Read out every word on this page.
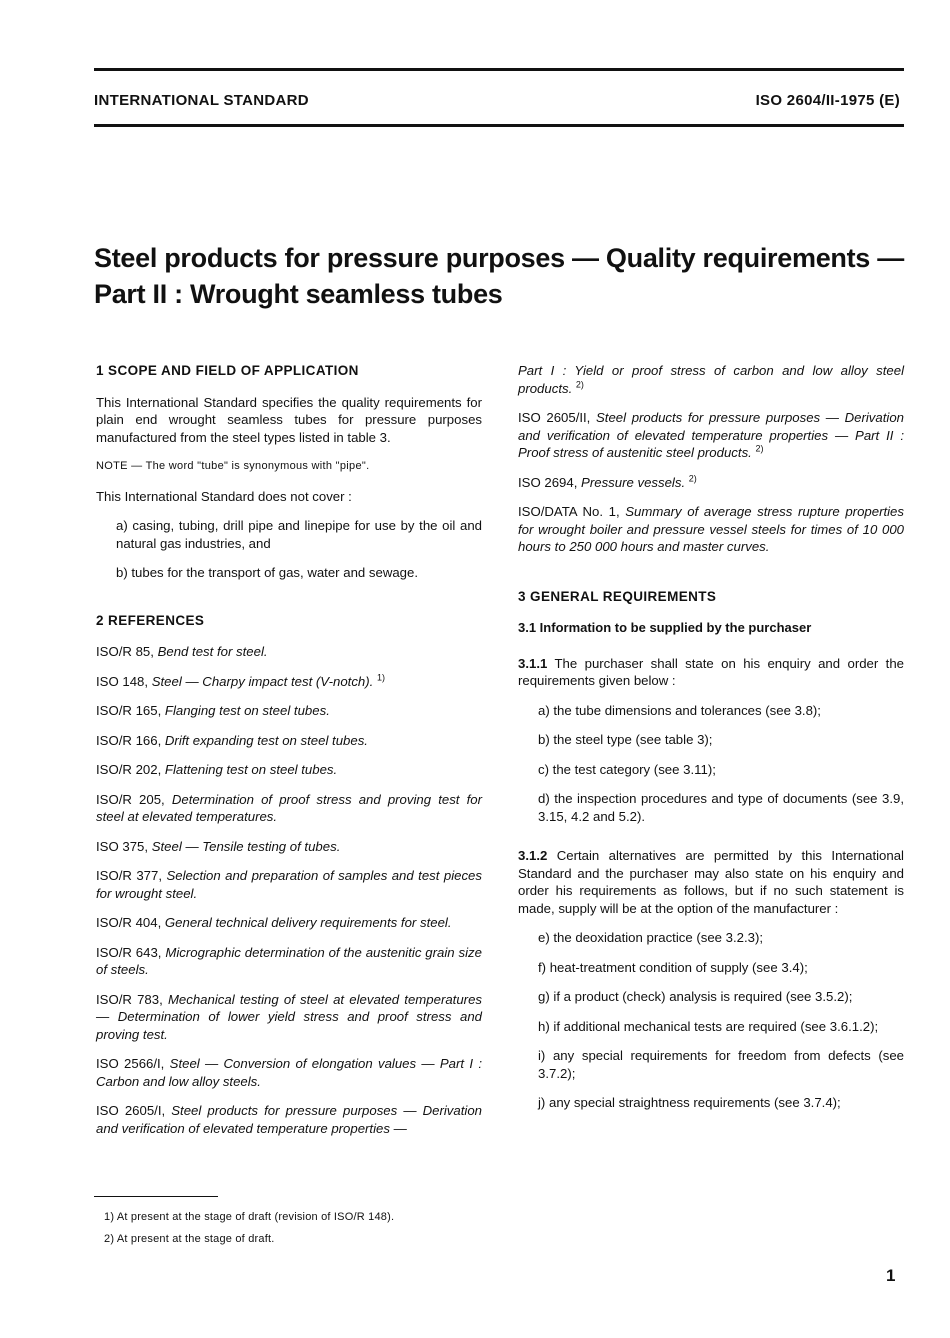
INTERNATIONAL STANDARD	ISO 2604/II-1975 (E)
Steel products for pressure purposes — Quality requirements —
Part II : Wrought seamless tubes

1 SCOPE AND FIELD OF APPLICATION

This International Standard specifies the quality requirements for plain end wrought seamless tubes for pressure purposes manufactured from the steel types listed in table 3.

NOTE — The word "tube" is synonymous with "pipe".

This International Standard does not cover :

a) casing, tubing, drill pipe and linepipe for use by the oil and natural gas industries, and

b) tubes for the transport of gas, water and sewage.

2 REFERENCES

ISO/R 85, Bend test for steel.

ISO 148, Steel — Charpy impact test (V-notch). $^{1)}$

ISO/R 165, Flanging test on steel tubes.

ISO/R 166, Drift expanding test on steel tubes.

ISO/R 202, Flattening test on steel tubes.

ISO/R 205, Determination of proof stress and proving test for steel at elevated temperatures.

ISO 375, Steel — Tensile testing of tubes.

ISO/R 377, Selection and preparation of samples and test pieces for wrought steel.

ISO/R 404, General technical delivery requirements for steel.

ISO/R 643, Micrographic determination of the austenitic grain size of steels.

ISO/R 783, Mechanical testing of steel at elevated temperatures — Determination of lower yield stress and proof stress and proving test.

ISO 2566/I, Steel — Conversion of elongation values — Part I : Carbon and low alloy steels.

ISO 2605/I, Steel products for pressure purposes — Derivation and verification of elevated temperature properties —

Part I : Yield or proof stress of carbon and low alloy steel products. $^{2)}$

ISO 2605/II, Steel products for pressure purposes — Derivation and verification of elevated temperature properties — Part II : Proof stress of austenitic steel products. $^{2)}$

ISO 2694, Pressure vessels. $^{2)}$

ISO/DATA No. 1, Summary of average stress rupture properties for wrought boiler and pressure vessel steels for times of 10 000 hours to 250 000 hours and master curves.

3 GENERAL REQUIREMENTS

3.1 Information to be supplied by the purchaser

3.1.1 The purchaser shall state on his enquiry and order the requirements given below :

a) the tube dimensions and tolerances (see 3.8);

b) the steel type (see table 3);

c) the test category (see 3.11);

d) the inspection procedures and type of documents (see 3.9, 3.15, 4.2 and 5.2).

3.1.2 Certain alternatives are permitted by this International Standard and the purchaser may also state on his enquiry and order his requirements as follows, but if no such statement is made, supply will be at the option of the manufacturer :

e) the deoxidation practice (see 3.2.3);

f) heat-treatment condition of supply (see 3.4);

g) if a product (check) analysis is required (see 3.5.2);

h) if additional mechanical tests are required (see 3.6.1.2);

i) any special requirements for freedom from defects (see 3.7.2);

j) any special straightness requirements (see 3.7.4);

1) At present at the stage of draft (revision of ISO/R 148).
2) At present at the stage of draft.
1
